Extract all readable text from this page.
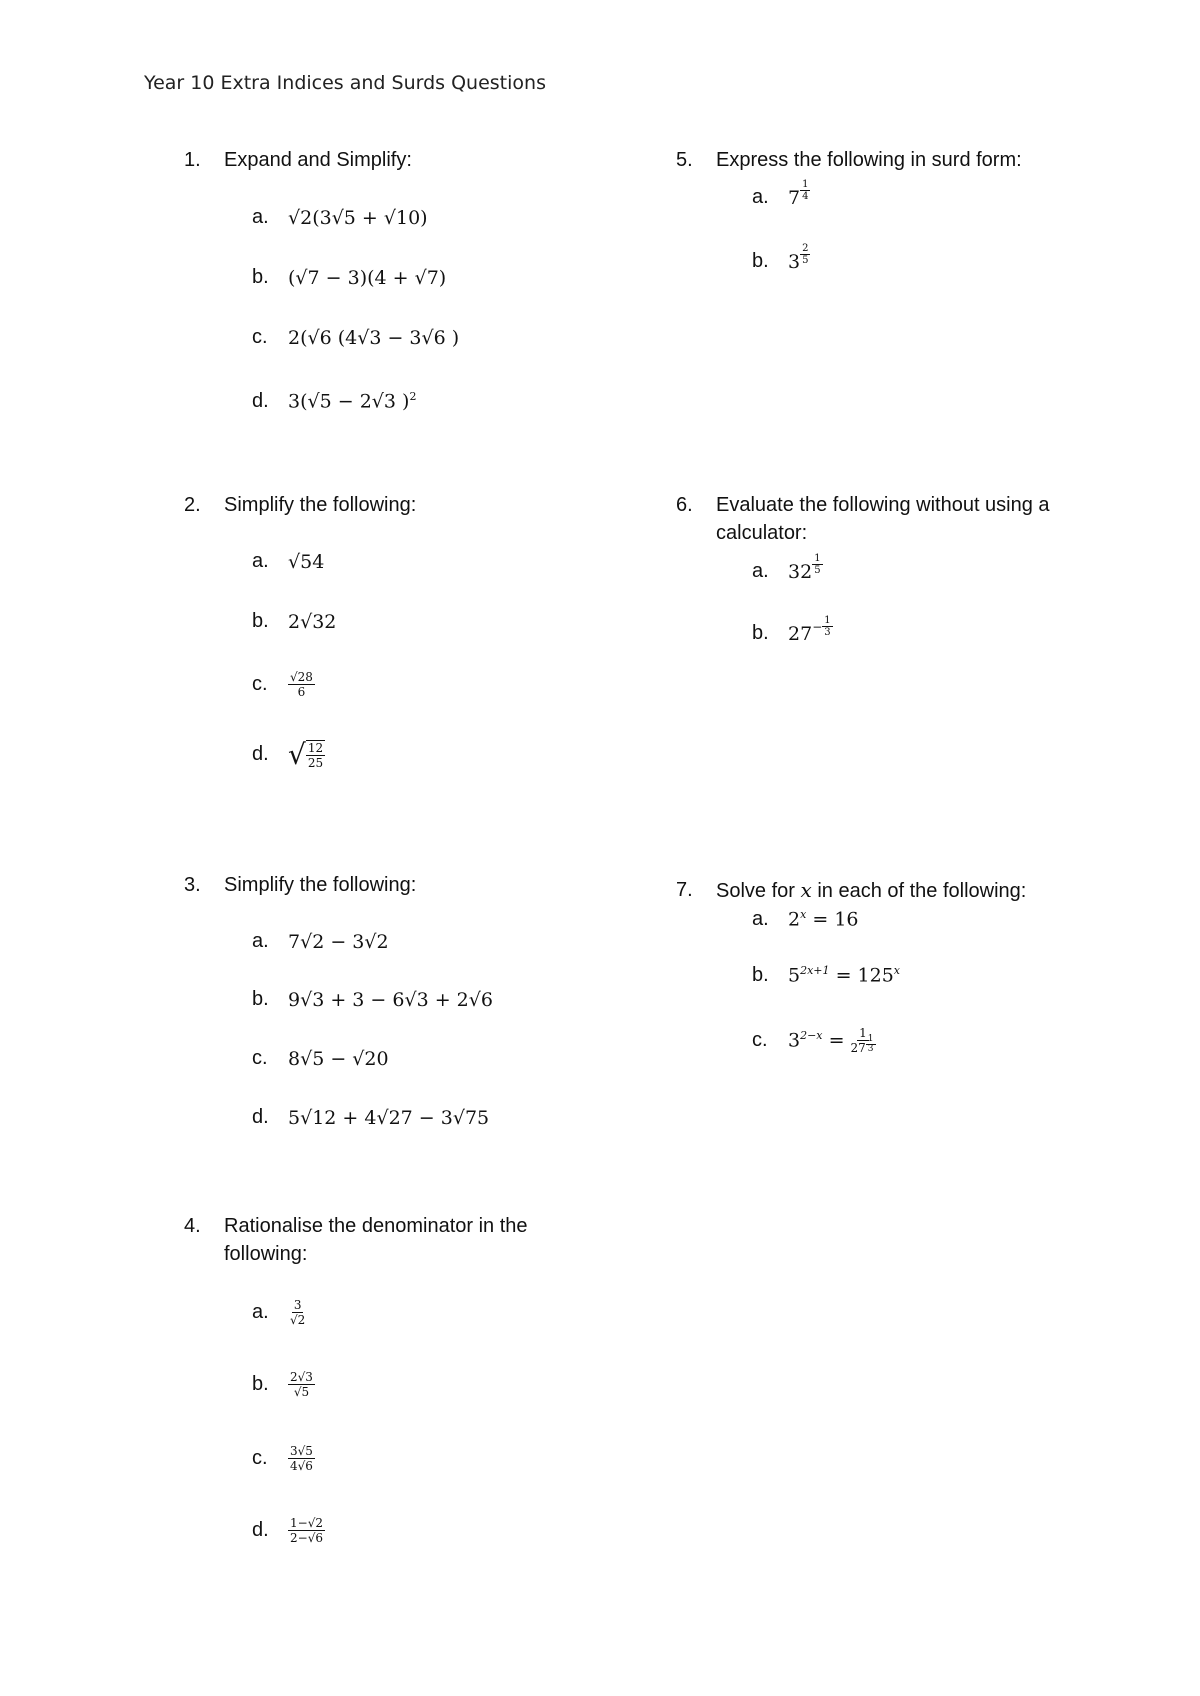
Year 10 Extra Indices and Surds Questions
1. Expand and Simplify:
a.	√2(3√5 + √10)
b.	(√7 − 3)(4 + √7)
c.	2(√6 (4√3 − 3√6 )
d.	3(√5 − 2√3 )$^2$
2. Simplify the following:
a.	√54
b.	2√32
c.	$\frac{√28}{6}$
d. √ $\frac{12}{25}$
3. Simplify the following:
a.	7√2 − 3√2
b.	9√3 + 3 − 6√3 + 2√6
c.	8√5 − √20
d.	5√12 + 4√27 − 3√75
4. Rationalise the denominator in the following:
a.	$\frac{3}{√2}$
b.	$\frac{2√3}{√5}$
c.	$\frac{3√5}{4√6}$
d.	$\frac{1-√2}{2-√6}$
5. Express the following in surd form:
a.	$7 \frac{1}{4}$
b.	$3 \frac{2}{5}$
6. Evaluate the following without using a calculator:
a.	$32 \frac{1}{5}$
b.	$27 - \frac{1}{3}$
7. Solve for x in each of the following:
a.	$2^x = 16$
b.	$5^{2x+1} = 125^x$
c.	$3^{2-x} = \frac{1}{27 \frac{1}{3}}$
